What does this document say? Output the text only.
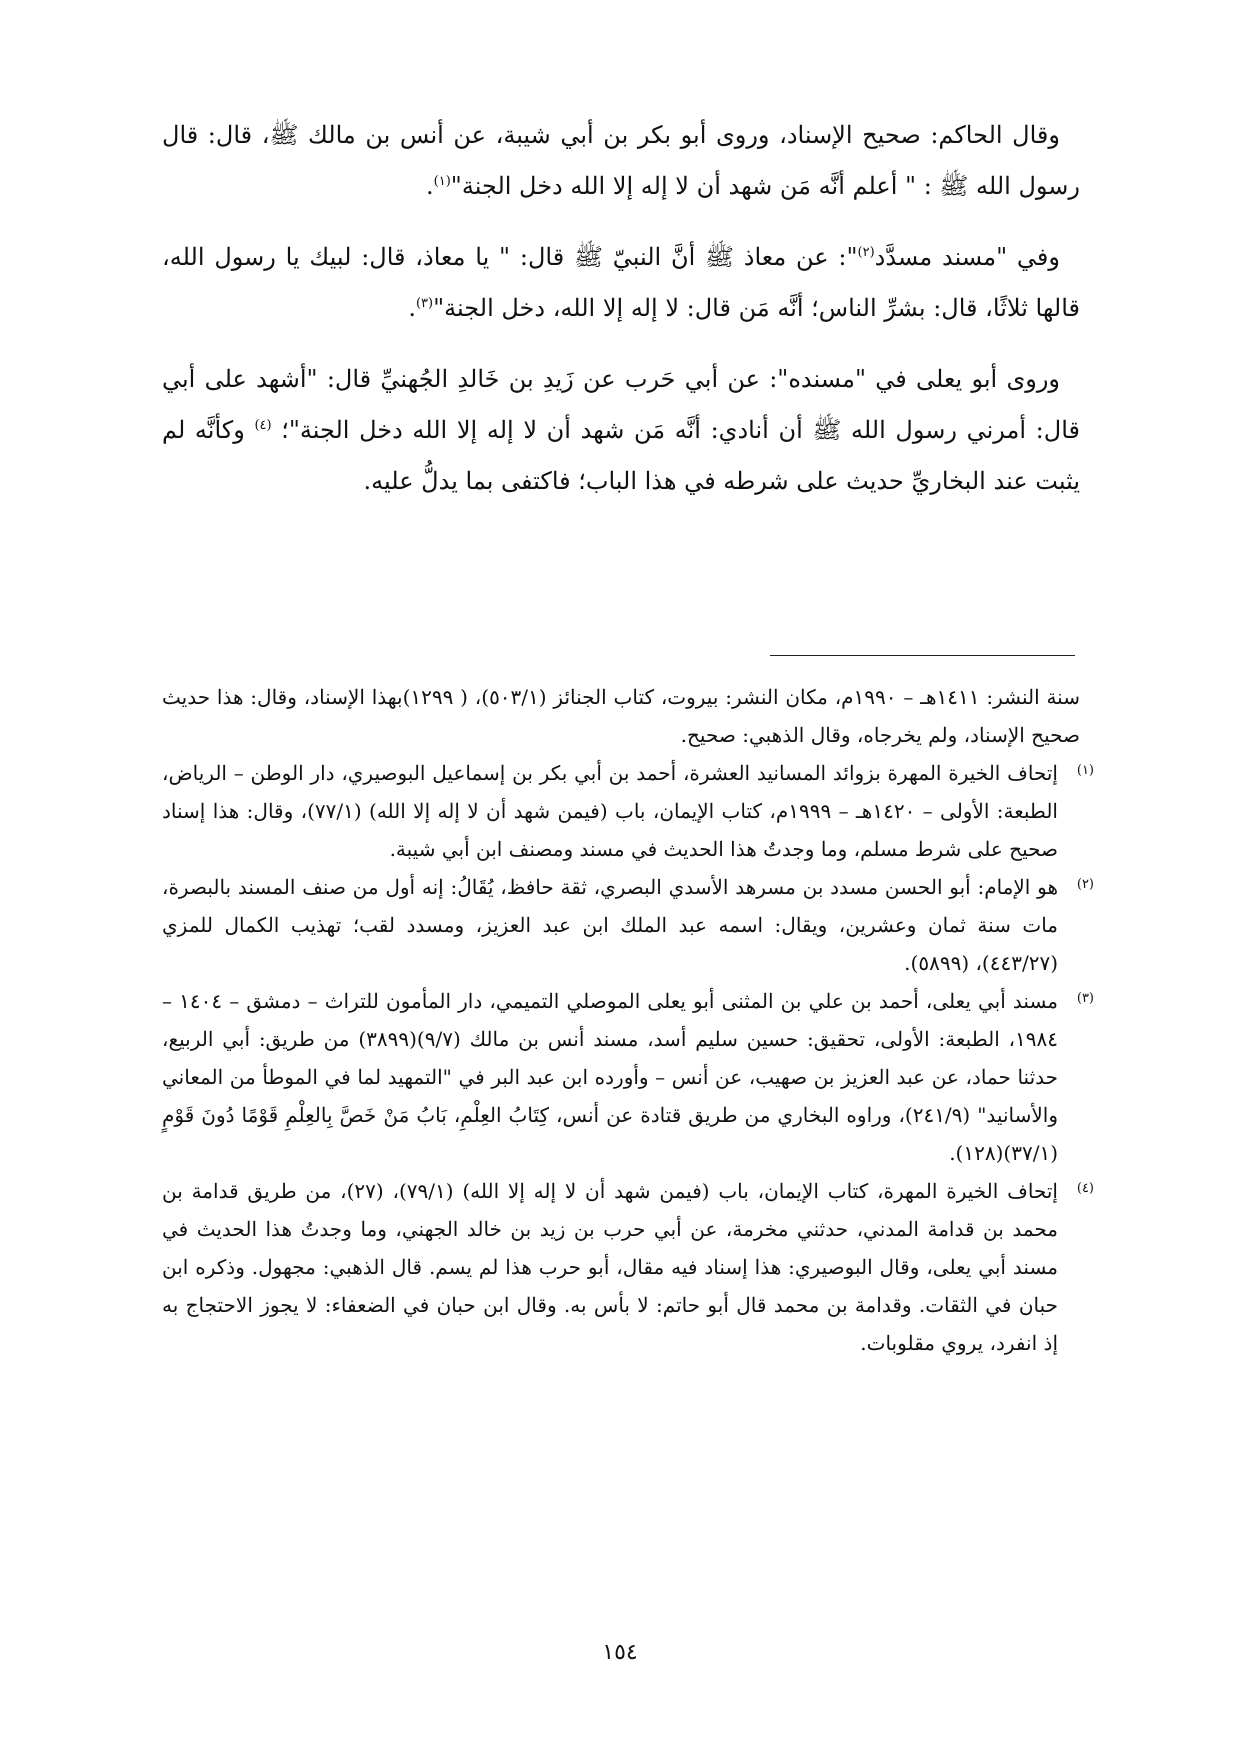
وقال الحاكم: صحيح الإسناد، وروى أبو بكر بن أبي شيبة، عن أنس بن مالك ﷺ، قال: قال رسول الله ﷺ : " أعلم أنَّه مَن شهد أن لا إله إلا الله دخل الجنة"$^{(١)}$.

وفي "مسند مسدَّد$^{(٢)}$": عن معاذ ﷺ أنَّ النبيّ ﷺ قال: " يا معاذ، قال: لبيك يا رسول الله، قالها ثلاثًا، قال: بشرِّ الناس؛ أنَّه مَن قال: لا إله إلا الله، دخل الجنة"$^{(٣)}$.

وروى أبو يعلى في "مسنده": عن أبي حَرب عن زَيدِ بن خَالدِ الجُهنيِّ قال: "أشهد على أبي قال: أمرني رسول الله ﷺ أن أنادي: أنَّه مَن شهد أن لا إله إلا الله دخل الجنة"؛ $^{(٤)}$ وكأنَّه لم يثبت عند البخاريِّ حديث على شرطه في هذا الباب؛ فاكتفى بما يدلُّ عليه.

سنة النشر: ١٤١١هـ – ١٩٩٠م، مكان النشر: بيروت، كتاب الجنائز (٥٠٣/١)، ( ١٢٩٩)بهذا الإسناد، وقال: هذا حديث صحيح الإسناد، ولم يخرجاه، وقال الذهبي: صحيح.

(١)
إتحاف الخيرة المهرة بزوائد المسانيد العشرة، أحمد بن أبي بكر بن إسماعيل البوصيري، دار الوطن – الرياض، الطبعة: الأولى – ١٤٢٠هـ – ١٩٩٩م، كتاب الإيمان، باب (فيمن شهد أن لا إله إلا الله) (٧٧/١)، وقال: هذا إسناد صحيح على شرط مسلم، وما وجدتُ هذا الحديث في مسند ومصنف ابن أبي شيبة.

(٢)
هو الإمام: أبو الحسن مسدد بن مسرهد الأسدي البصري، ثقة حافظ، يُقَالُ: إنه أول من صنف المسند بالبصرة، مات سنة ثمان وعشرين، ويقال: اسمه عبد الملك ابن عبد العزيز، ومسدد لقب؛ تهذيب الكمال للمزي (٤٤٣/٢٧)، (٥٨٩٩).

(٣)
مسند أبي يعلى، أحمد بن علي بن المثنى أبو يعلى الموصلي التميمي، دار المأمون للتراث – دمشق – ١٤٠٤ – ١٩٨٤، الطبعة: الأولى، تحقيق: حسين سليم أسد، مسند أنس بن مالك (٩/٧)(٣٨٩٩) من طريق: أبي الربيع، حدثنا حماد، عن عبد العزيز بن صهيب، عن أنس – وأورده ابن عبد البر في "التمهيد لما في الموطأ من المعاني والأسانيد" (٢٤١/٩)، وراوه البخاري من طريق قتادة عن أنس، كِتَابُ العِلْمِ، بَابُ مَنْ خَصَّ بِالعِلْمِ قَوْمًا دُونَ قَوْمٍ (٣٧/١)(١٢٨).

(٤)
إتحاف الخيرة المهرة، كتاب الإيمان، باب (فيمن شهد أن لا إله إلا الله) (٧٩/١)، (٢٧)، من طريق قدامة بن محمد بن قدامة المدني، حدثني مخرمة، عن أبي حرب بن زيد بن خالد الجهني، وما وجدتُ هذا الحديث في مسند أبي يعلى، وقال البوصيري: هذا إسناد فيه مقال، أبو حرب هذا لم يسم. قال الذهبي: مجهول. وذكره ابن حبان في الثقات. وقدامة بن محمد قال أبو حاتم: لا بأس به. وقال ابن حبان في الضعفاء: لا يجوز الاحتجاج به إذ انفرد، يروي مقلوبات.

١٥٤
